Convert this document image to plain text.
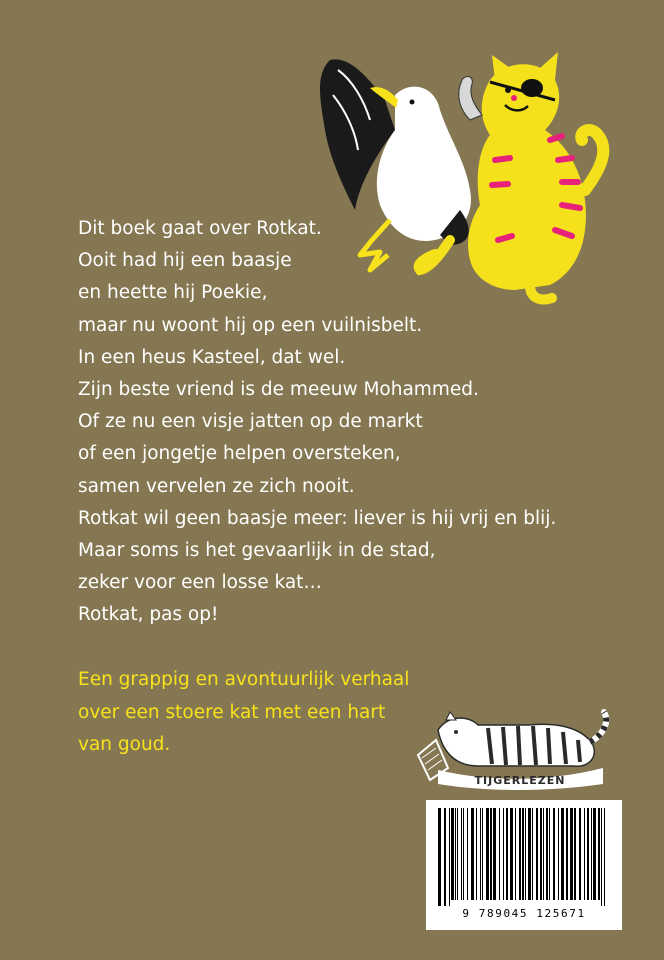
Dit boek gaat over Rotkat.
Ooit had hij een baasje
en heette hij Poekie,
maar nu woont hij op een vuilnisbelt.
In een heus Kasteel, dat wel.
Zijn beste vriend is de meeuw Mohammed.
Of ze nu een visje jatten op de markt
of een jongetje helpen oversteken,
samen vervelen ze zich nooit.
Rotkat wil geen baasje meer: liever is hij vrij en blij.
Maar soms is het gevaarlijk in de stad,
zeker voor een losse kat…
Rotkat, pas op!
Een grappig en avontuurlijk verhaal
over een stoere kat met een hart
van goud.
TIJGERLEZEN
9 789045 125671
